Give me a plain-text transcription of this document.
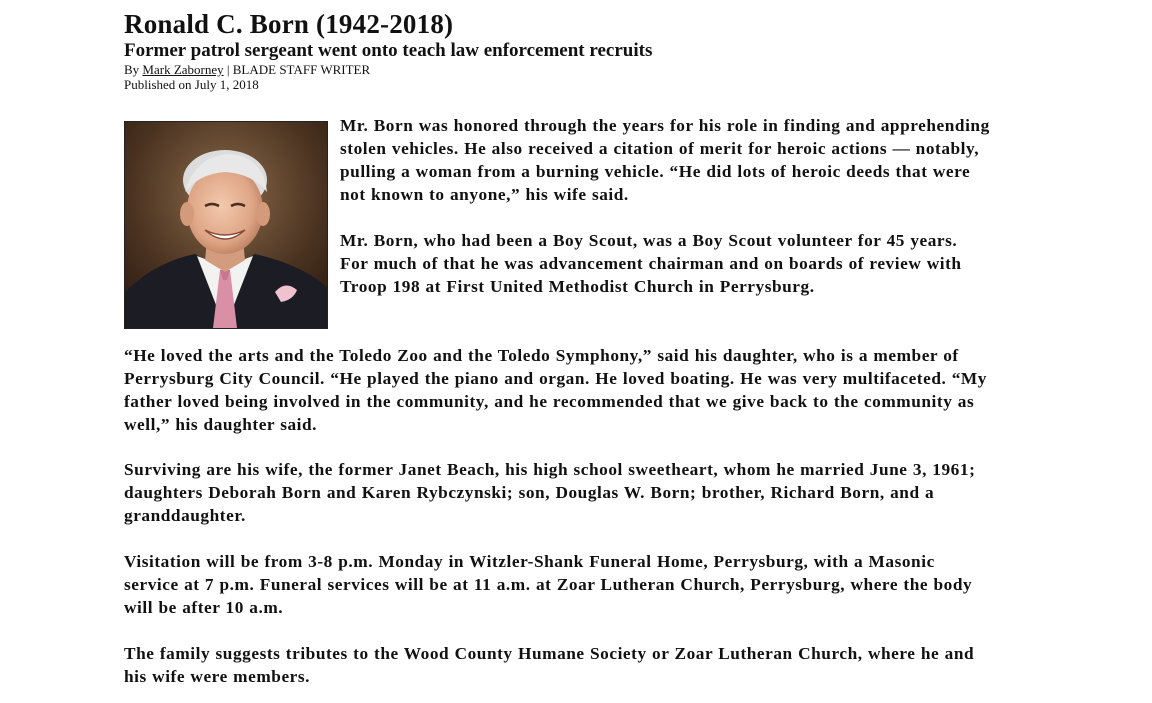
Ronald C. Born (1942-2018)
Former patrol sergeant went onto teach law enforcement recruits

By Mark Zaborney | BLADE STAFF WRITER

Published on July 1, 2018

Mr. Born was honored through the years for his role in finding and apprehending stolen vehicles. He also received a citation of merit for heroic actions — notably, pulling a woman from a burning vehicle. “He did lots of heroic deeds that were not known to anyone,” his wife said.

Mr. Born, who had been a Boy Scout, was a Boy Scout volunteer for 45 years. For much of that he was advancement chairman and on boards of review with Troop 198 at First United Methodist Church in Perrysburg.

“He loved the arts and the Toledo Zoo and the Toledo Symphony,” said his daughter, who is a member of Perrysburg City Council. “He played the piano and organ. He loved boating. He was very multifaceted. “My father loved being involved in the community, and he recommended that we give back to the community as well,” his daughter said.

Surviving are his wife, the former Janet Beach, his high school sweetheart, whom he married June 3, 1961; daughters Deborah Born and Karen Rybczynski; son, Douglas W. Born; brother, Richard Born, and a granddaughter.

Visitation will be from 3-8 p.m. Monday in Witzler-Shank Funeral Home, Perrysburg, with a Masonic service at 7 p.m. Funeral services will be at 11 a.m. at Zoar Lutheran Church, Perrysburg, where the body will be after 10 a.m.

The family suggests tributes to the Wood County Humane Society or Zoar Lutheran Church, where he and his wife were members.
